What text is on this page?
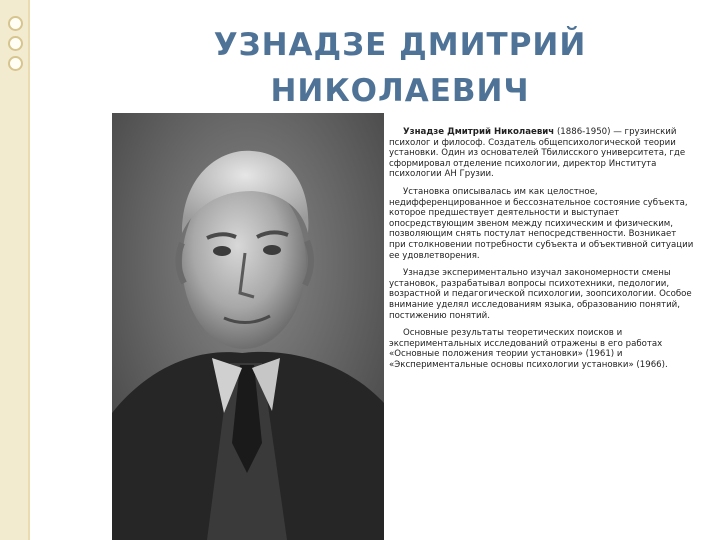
УЗНАДЗЕ ДМИТРИЙ
НИКОЛАЕВИЧ

Узнадзе Дмитрий Николаевич (1886-1950) — грузинский психолог и философ. Создатель общепсихологической теории установки. Один из основателей Тбилисского университета, где сформировал отделение психологии, директор Института психологии АН Грузии.

Установка описывалась им как целостное, недифференцированное и бессознательное состояние субъекта, которое предшествует деятельности и выступает опосредствующим звеном между психическим и физическим, позволяющим снять постулат непосредственности. Возникает при столкновении потребности субъекта и объективной ситуации ее удовлетворения.

Узнадзе экспериментально изучал закономерности смены установок, разрабатывал вопросы психотехники, педологии, возрастной и педагогической психологии, зоопсихологии. Особое внимание уделял исследованиям языка, образованию понятий, постижению понятий.

Основные результаты теоретических поисков и экспериментальных исследований отражены в его работах «Основные положения теории установки» (1961) и «Экспериментальные основы психологии установки» (1966).
